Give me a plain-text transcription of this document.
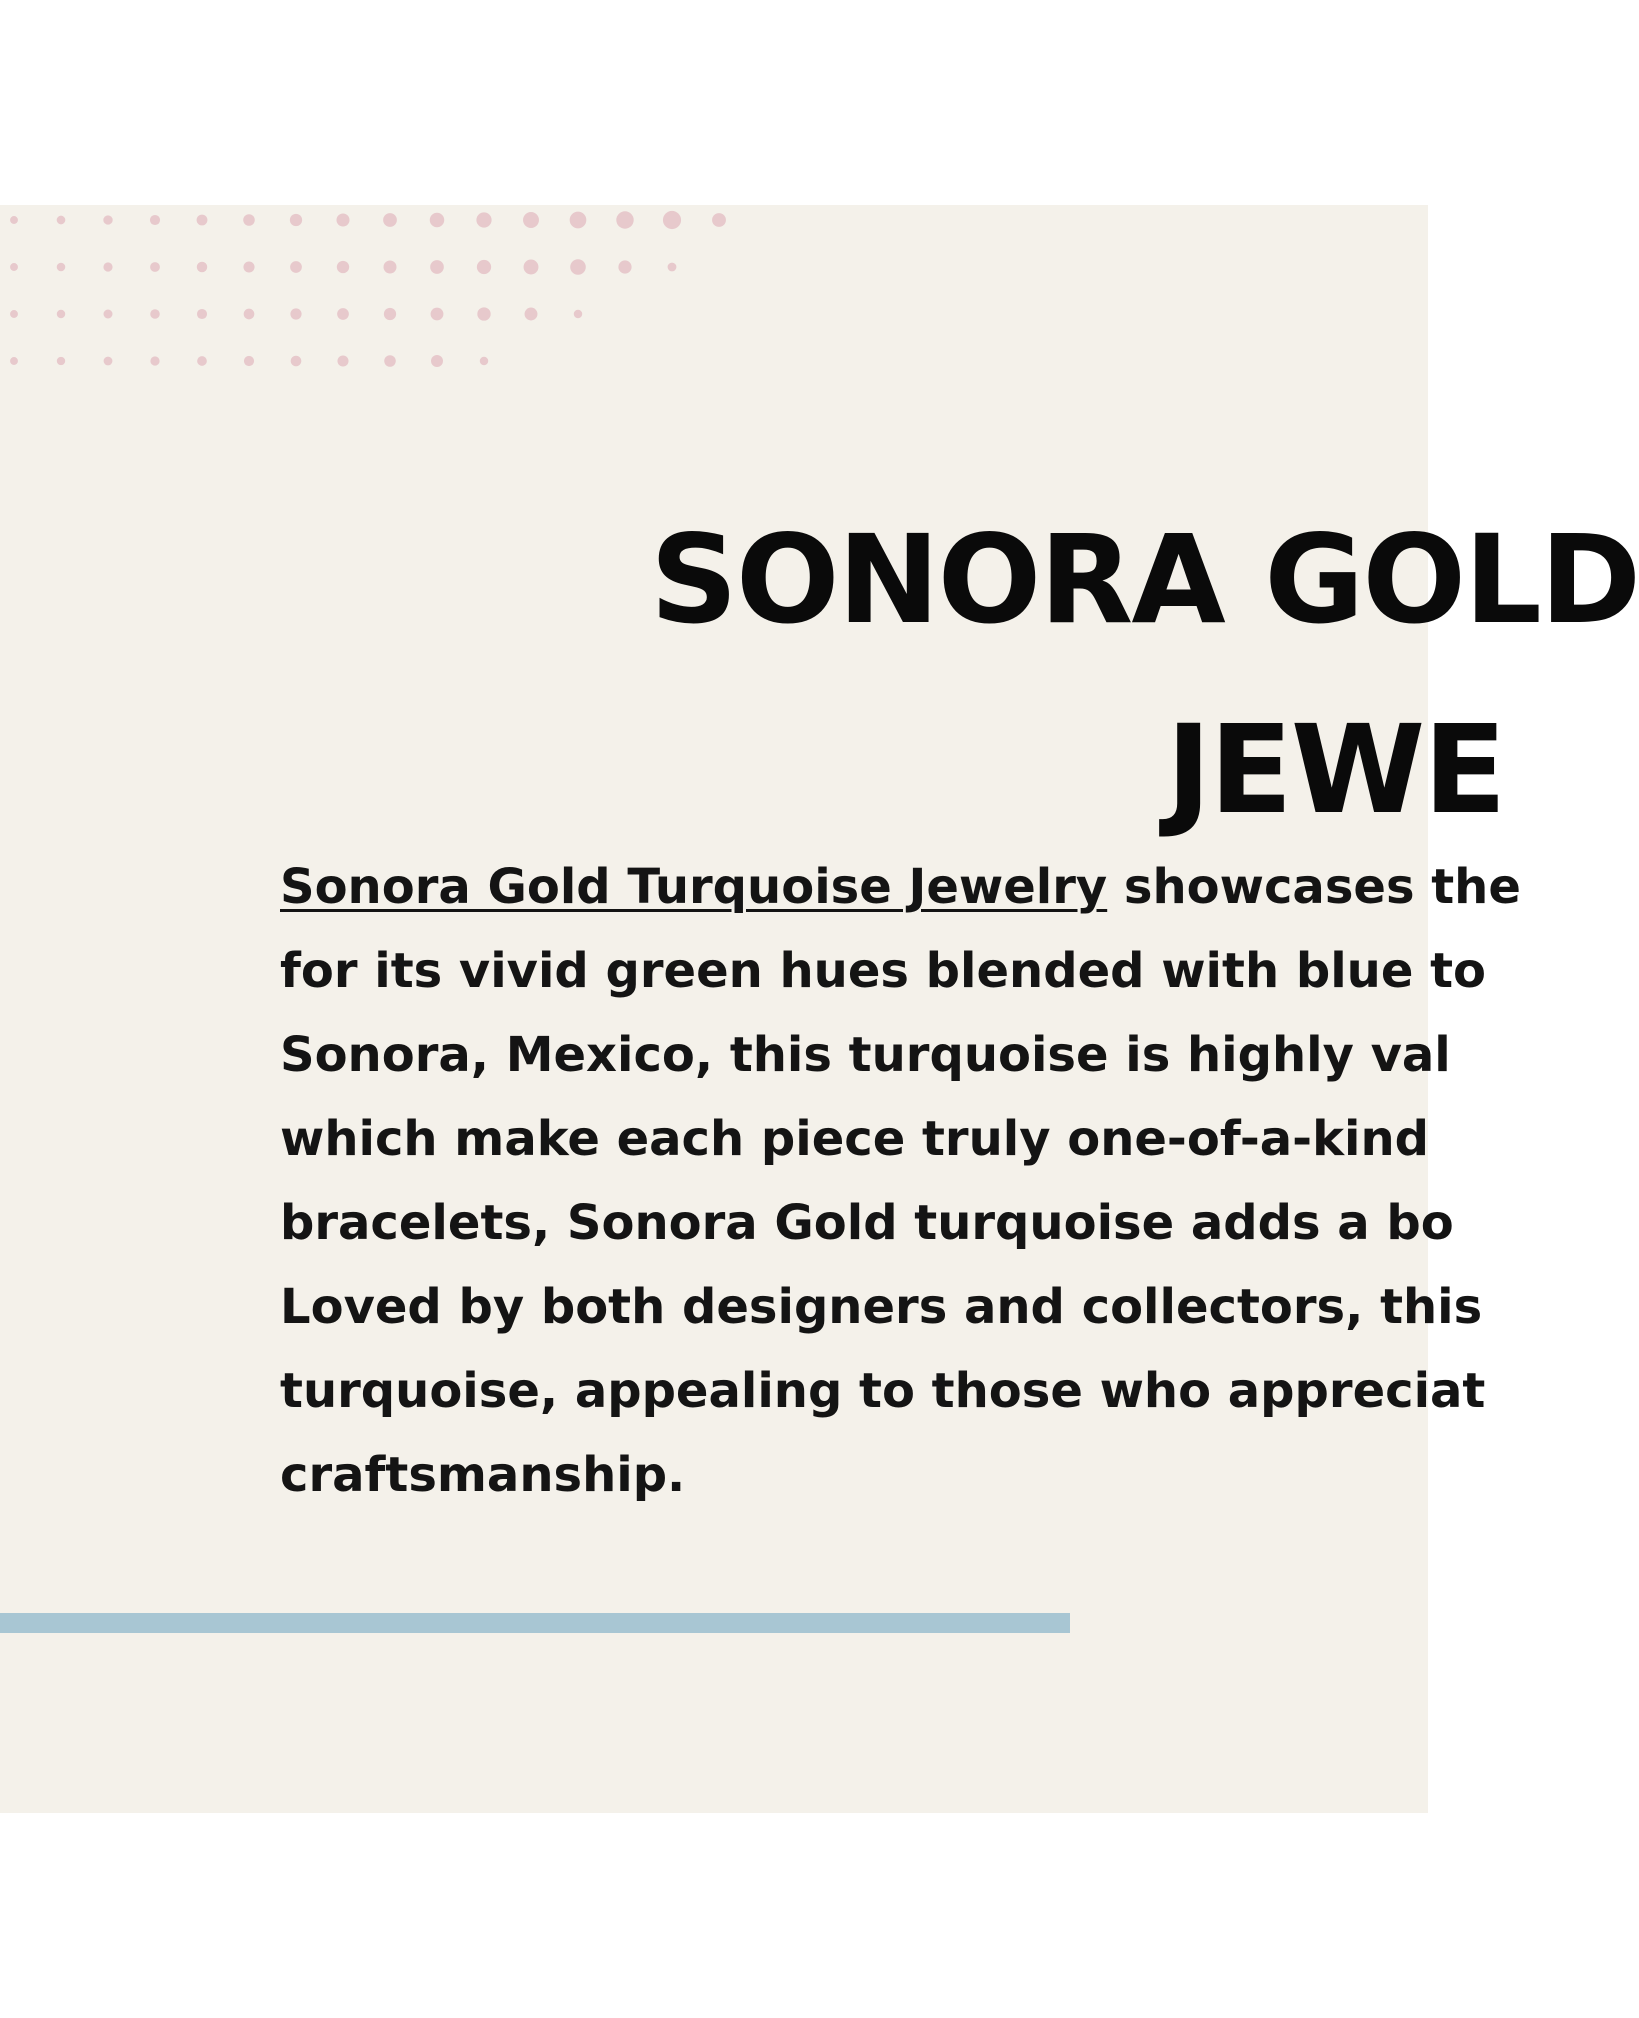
SONORA GOLD
JEWE
Sonora Gold Turquoise Jewelry showcases the
for its vivid green hues blended with blue to
Sonora, Mexico, this turquoise is highly val
which make each piece truly one-of-a-kind
bracelets, Sonora Gold turquoise adds a bo
Loved by both designers and collectors, this
turquoise, appealing to those who appreciat
craftsmanship.
